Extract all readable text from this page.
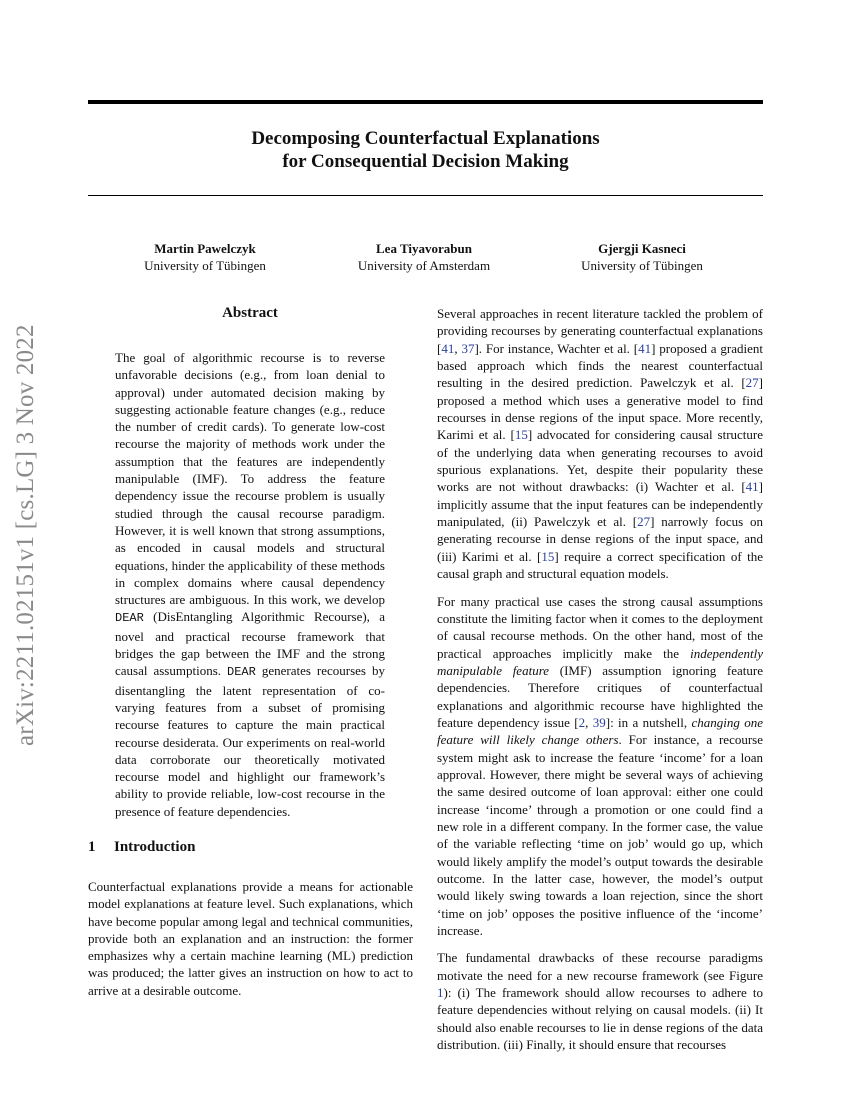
Decomposing Counterfactual Explanations
for Consequential Decision Making
Martin Pawelczyk
University of Tübingen
Lea Tiyavorabun
University of Amsterdam
Gjergji Kasneci
University of Tübingen
arXiv:2211.02151v1 [cs.LG] 3 Nov 2022
Abstract
The goal of algorithmic recourse is to reverse unfavorable decisions (e.g., from loan denial to approval) under automated decision making by suggesting actionable feature changes (e.g., reduce the number of credit cards). To generate low-cost recourse the majority of methods work under the assumption that the features are independently manipulable (IMF). To address the feature dependency issue the recourse problem is usually studied through the causal recourse paradigm. However, it is well known that strong assumptions, as encoded in causal models and structural equations, hinder the applicability of these methods in complex domains where causal dependency structures are ambiguous. In this work, we develop DEAR (DisEntangling Algorithmic Recourse), a novel and practical recourse framework that bridges the gap between the IMF and the strong causal assumptions. DEAR generates recourses by disentangling the latent representation of co-varying features from a subset of promising recourse features to capture the main practical recourse desiderata. Our experiments on real-world data corroborate our theoretically motivated recourse model and highlight our framework’s ability to provide reliable, low-cost recourse in the presence of feature dependencies.
1 Introduction
Counterfactual explanations provide a means for actionable model explanations at feature level. Such explanations, which have become popular among legal and technical communities, provide both an explanation and an instruction: the former emphasizes why a certain machine learning (ML) prediction was produced; the latter gives an instruction on how to act to arrive at a desirable outcome.

Several approaches in recent literature tackled the problem of providing recourses by generating counterfactual explanations [41, 37]. For instance, Wachter et al. [41] proposed a gradient based approach which finds the nearest counterfactual resulting in the desired prediction. Pawelczyk et al. [27] proposed a method which uses a generative model to find recourses in dense regions of the input space. More recently, Karimi et al. [15] advocated for considering causal structure of the underlying data when generating recourses to avoid spurious explanations. Yet, despite their popularity these works are not without drawbacks: (i) Wachter et al. [41] implicitly assume that the input features can be independently manipulated, (ii) Pawelczyk et al. [27] narrowly focus on generating recourse in dense regions of the input space, and (iii) Karimi et al. [15] require a correct specification of the causal graph and structural equation models.

For many practical use cases the strong causal assumptions constitute the limiting factor when it comes to the deployment of causal recourse methods. On the other hand, most of the practical approaches implicitly make the independently manipulable feature (IMF) assumption ignoring feature dependencies. Therefore critiques of counterfactual explanations and algorithmic recourse have highlighted the feature dependency issue [2, 39]: in a nutshell, changing one feature will likely change others. For instance, a recourse system might ask to increase the feature ‘income’ for a loan approval. However, there might be several ways of achieving the same desired outcome of loan approval: either one could increase ‘income’ through a promotion or one could find a new role in a different company. In the former case, the value of the variable reflecting ‘time on job’ would go up, which would likely amplify the model’s output towards the desirable outcome. In the latter case, however, the model’s output would likely swing towards a loan rejection, since the short ‘time on job’ opposes the positive influence of the ‘income’ increase.

The fundamental drawbacks of these recourse paradigms motivate the need for a new recourse framework (see Figure 1): (i) The framework should allow recourses to adhere to feature dependencies without relying on causal models. (ii) It should also enable recourses to lie in dense regions of the data distribution. (iii) Finally, it should ensure that recourses
